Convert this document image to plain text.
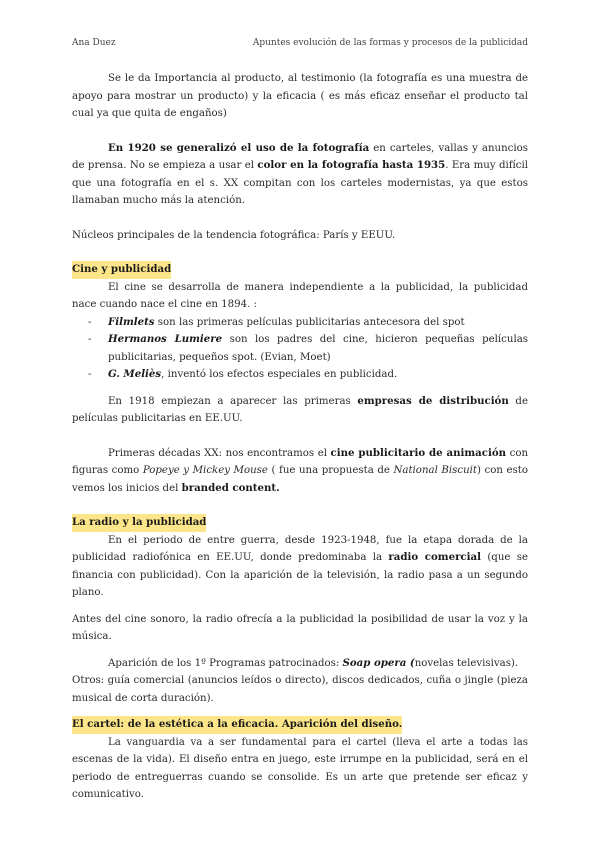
Ana Duez	Apuntes evolución de las formas y procesos de la publicidad

Se le da Importancia al producto, al testimonio (la fotografía es una muestra de apoyo para mostrar un producto) y la eficacia ( es más eficaz enseñar el producto tal cual ya que quita de engaños)

En 1920 se generalizó el uso de la fotografía en carteles, vallas y anuncios de prensa. No se empieza a usar el color en la fotografía hasta 1935. Era muy difícil que una fotografía en el s. XX compitan con los carteles modernistas, ya que estos llamaban mucho más la atención.

Núcleos principales de la tendencia fotográfica: París y EEUU.

Cine y publicidad

El cine se desarrolla de manera independiente a la publicidad, la publicidad nace cuando nace el cine en 1894. :

- Filmlets son las primeras películas publicitarias antecesora del spot
- Hermanos Lumiere son los padres del cine, hicieron pequeñas películas publicitarias, pequeños spot. (Evian, Moet)
- G. Meliès, inventó los efectos especiales en publicidad.

En 1918 empiezan a aparecer las primeras empresas de distribución de películas publicitarias en EE.UU.

Primeras décadas XX: nos encontramos el cine publicitario de animación con figuras como Popeye y Mickey Mouse ( fue una propuesta de National Biscuit) con esto vemos los inicios del branded content.

La radio y la publicidad

En el periodo de entre guerra, desde 1923-1948, fue la etapa dorada de la publicidad radiofónica en EE.UU, donde predominaba la radio comercial (que se financia con publicidad). Con la aparición de la televisión, la radio pasa a un segundo plano.

Antes del cine sonoro, la radio ofrecía a la publicidad la posibilidad de usar la voz y la música.

Aparición de los 1º Programas patrocinados: Soap opera (novelas televisivas).

Otros: guía comercial (anuncios leídos o directo), discos dedicados, cuña o jingle (pieza musical de corta duración).

El cartel: de la estética a la eficacia. Aparición del diseño.

La vanguardia va a ser fundamental para el cartel (lleva el arte a todas las escenas de la vida). El diseño entra en juego, este irrumpe en la publicidad, será en el periodo de entreguerras cuando se consolide. Es un arte que pretende ser eficaz y comunicativo.
